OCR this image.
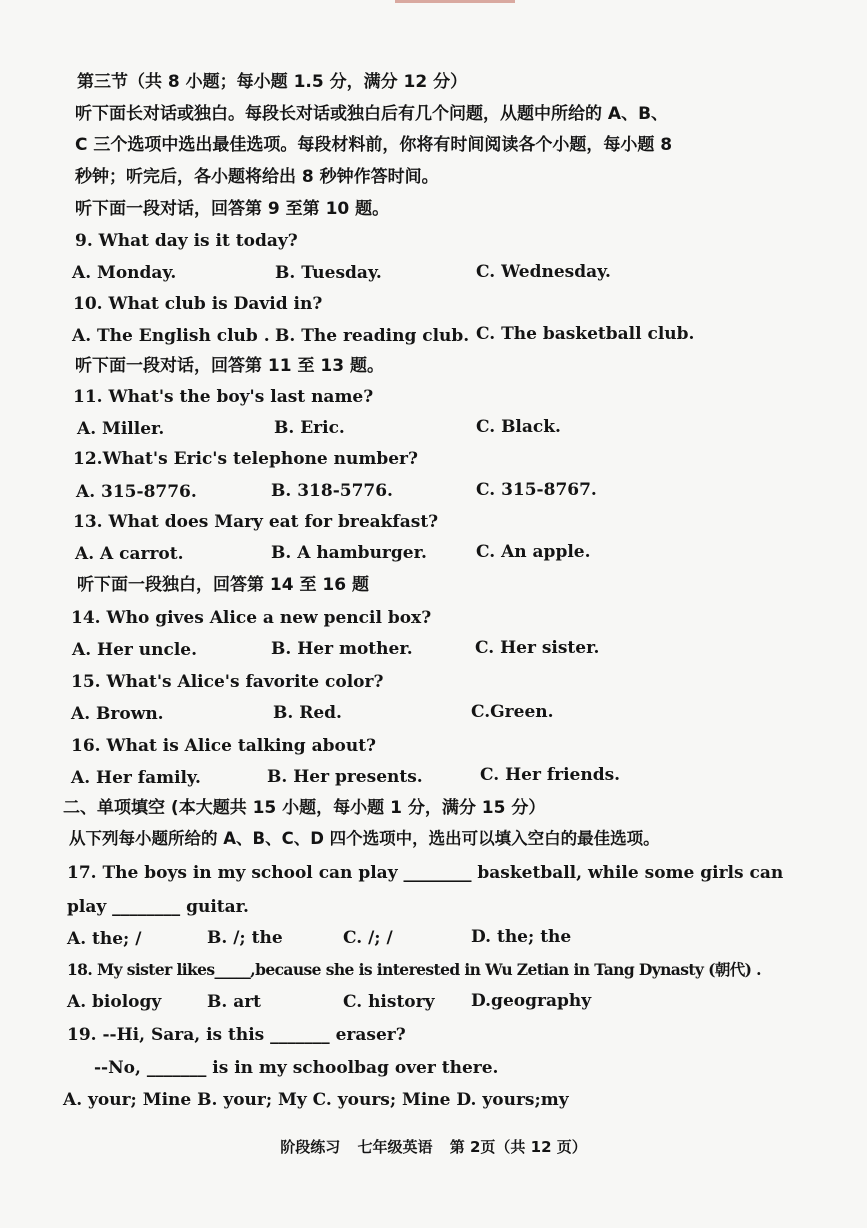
第三节（共 8 小题；每小题 1.5 分，满分 12 分）
听下面长对话或独白。每段长对话或独白后有几个问题，从题中所给的 A、B、
C 三个选项中选出最佳选项。每段材料前，你将有时间阅读各个小题，每小题 8
秒钟；听完后，各小题将给出 8 秒钟作答时间。
听下面一段对话，回答第 9 至第 10 题。
9. What day is it today?
A. Monday.	B. Tuesday.	C. Wednesday.
10. What club is David in?
A. The English club . B. The reading club. C. The basketball club.
听下面一段对话，回答第 11 至 13 题。
11. What's the boy's last name?
A. Miller.	B. Eric.	C. Black.
12.What's Eric's telephone number?
A. 315-8776.	B. 318-5776.	C. 315-8767.
13. What does Mary eat for breakfast?
A. A carrot.	B. A hamburger.	C. An apple.
听下面一段独白，回答第 14 至 16 题
14. Who gives Alice a new pencil box?
A. Her uncle.	B. Her mother.	C. Her sister.
15. What's Alice's favorite color?
A. Brown.	B. Red.	C.Green.
16. What is Alice talking about?
A. Her family.	B. Her presents.	C. Her friends.
二、单项填空 (本大题共 15 小题，每小题 1 分，满分 15 分）
从下列每小题所给的 A、B、C、D 四个选项中，选出可以填入空白的最佳选项。
17. The boys in my school can play ________ basketball, while some girls can
play ________ guitar.
A. the; /	B. /; the	C. /; /	D. the; the
18. My sister likes_____,because she is interested in Wu Zetian in Tang Dynasty (朝代) .
A. biology	B. art	C. history D.geography
19. --Hi, Sara, is this _______ eraser?
--No, _______ is in my schoolbag over there.
A. your; Mine B. your; My C. yours; Mine D. yours;my
阶段练习 七年级英语 第 2页（共 12 页）
